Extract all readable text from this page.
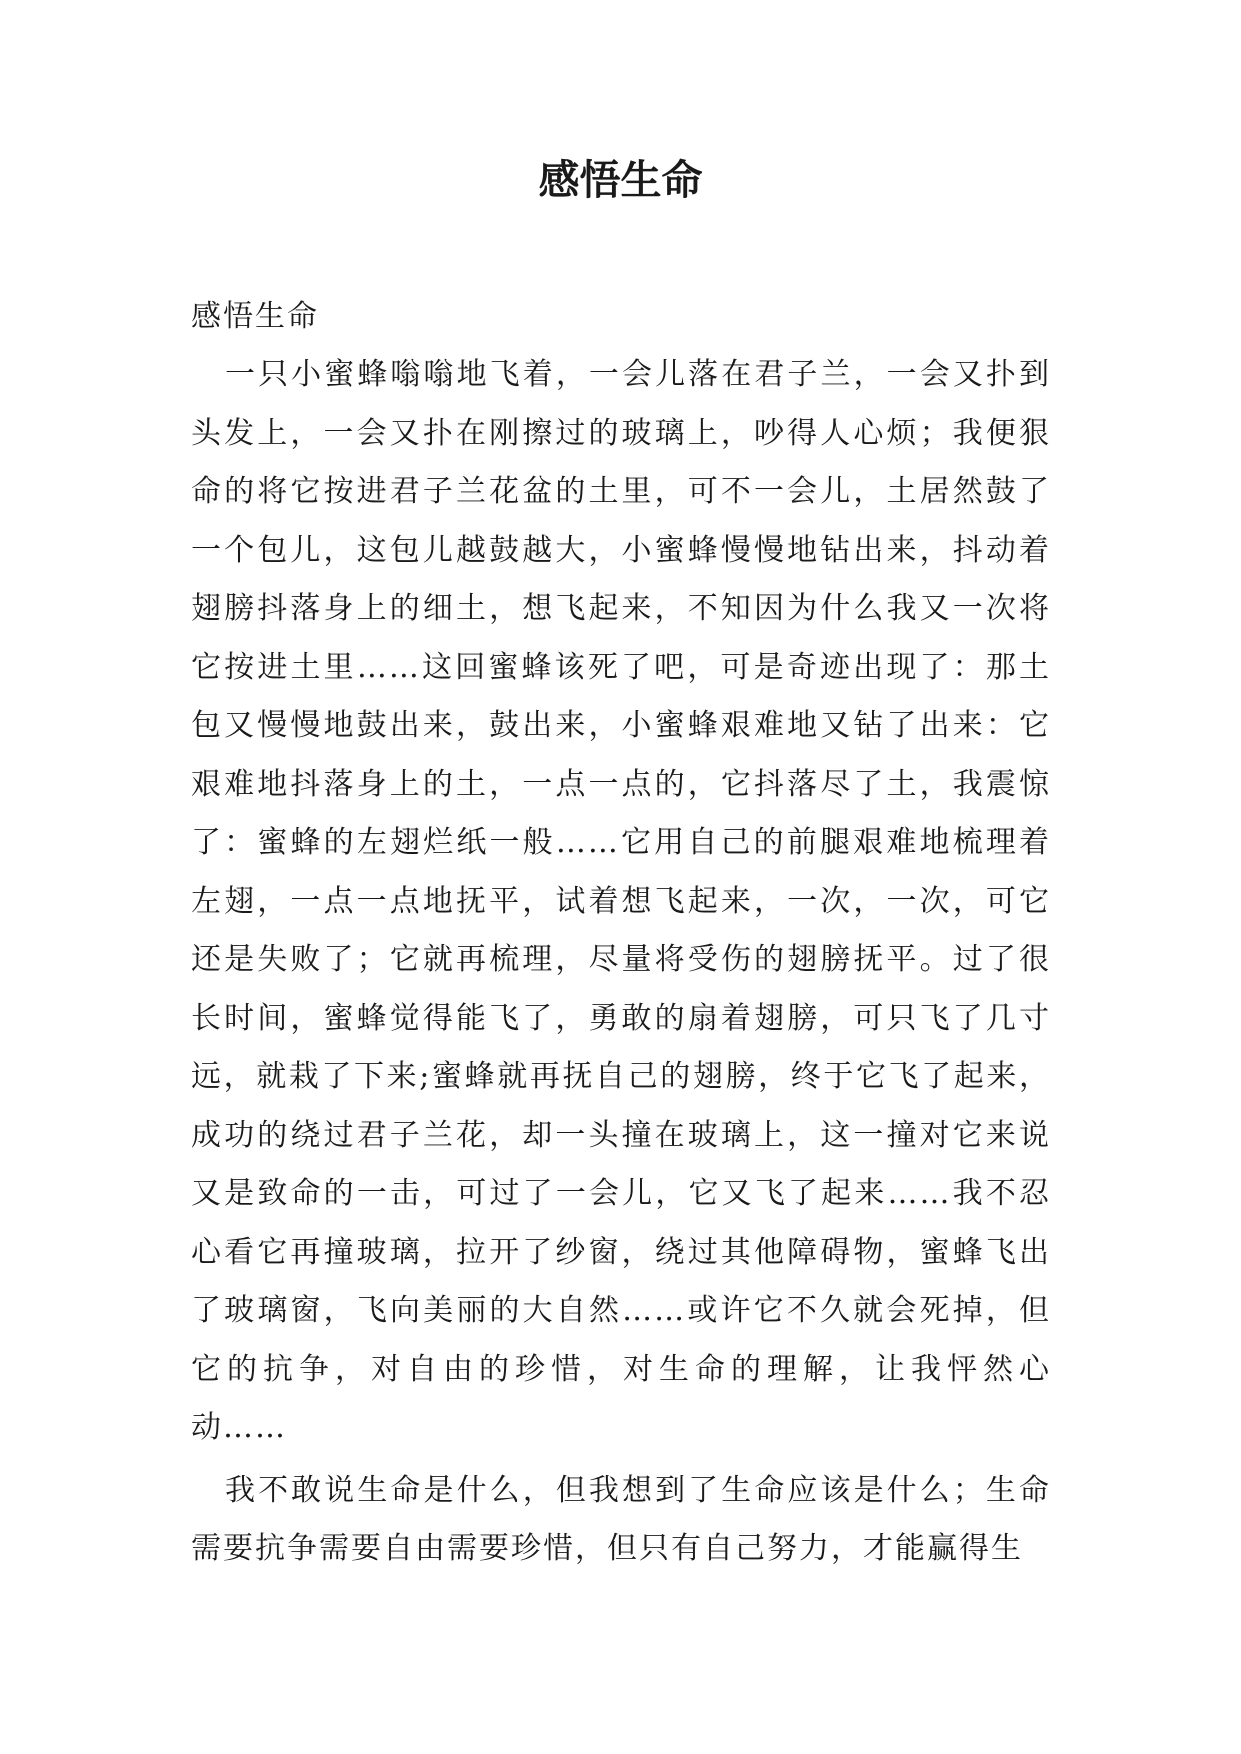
感悟生命

感悟生命

一只小蜜蜂嗡嗡地飞着，一会儿落在君子兰，一会又扑到头发上，一会又扑在刚擦过的玻璃上，吵得人心烦；我便狠命的将它按进君子兰花盆的土里，可不一会儿，土居然鼓了一个包儿，这包儿越鼓越大，小蜜蜂慢慢地钻出来，抖动着翅膀抖落身上的细土，想飞起来，不知因为什么我又一次将它按进土里……这回蜜蜂该死了吧，可是奇迹出现了：那土包又慢慢地鼓出来，鼓出来，小蜜蜂艰难地又钻了出来：它艰难地抖落身上的土，一点一点的，它抖落尽了土，我震惊了：蜜蜂的左翅烂纸一般……它用自己的前腿艰难地梳理着左翅，一点一点地抚平，试着想飞起来，一次，一次，可它还是失败了；它就再梳理，尽量将受伤的翅膀抚平。过了很长时间，蜜蜂觉得能飞了，勇敢的扇着翅膀，可只飞了几寸远，就栽了下来;蜜蜂就再抚自己的翅膀，终于它飞了起来，成功的绕过君子兰花，却一头撞在玻璃上，这一撞对它来说又是致命的一击，可过了一会儿，它又飞了起来……我不忍心看它再撞玻璃，拉开了纱窗，绕过其他障碍物，蜜蜂飞出了玻璃窗，飞向美丽的大自然……或许它不久就会死掉，但它的抗争，对自由的珍惜，对生命的理解，让我怦然心动……

我不敢说生命是什么，但我想到了生命应该是什么；生命需要抗争需要自由需要珍惜，但只有自己努力，才能赢得生
